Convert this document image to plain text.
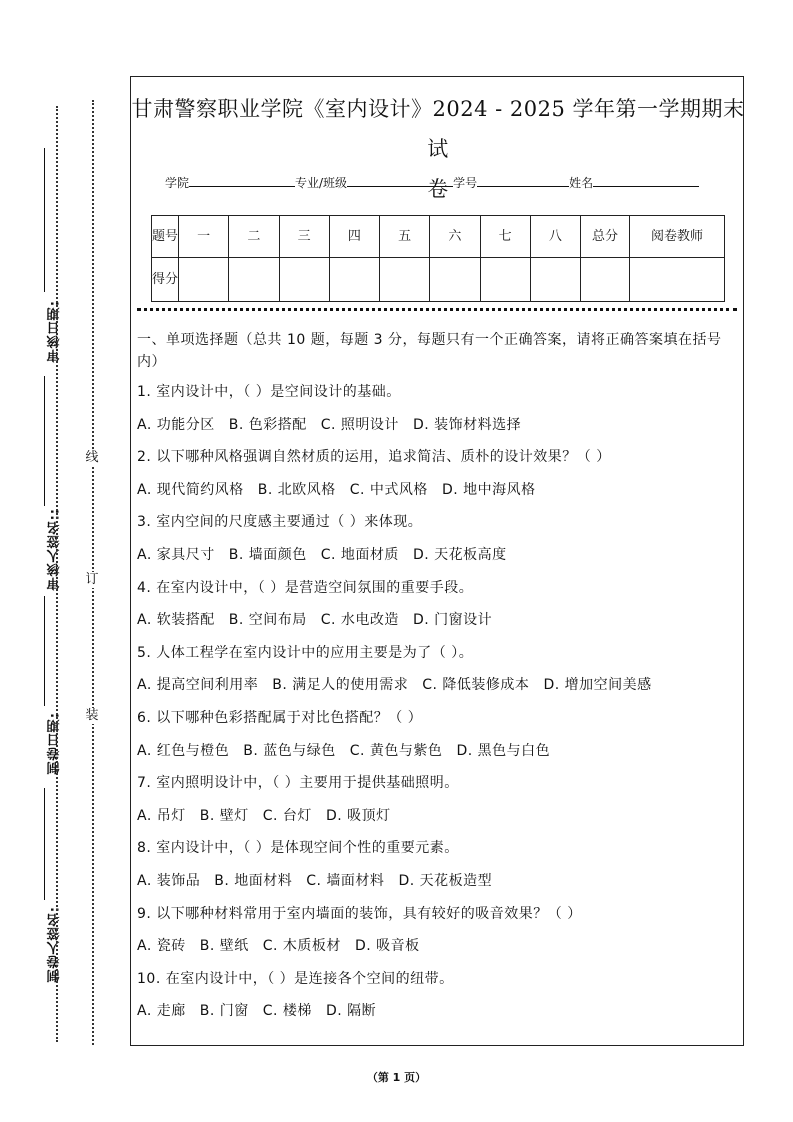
审核日期:
审核人签名::
制卷日期:
制卷人签名:
线
订
装
甘肃警察职业学院《室内设计》2024 - 2025 学年第一学期期末试
卷
学院	专业/班级	学号	姓名
题号	一	二	三	四	五	六	七	八	总分	阅卷教师
得分										
一、单项选择题（总共 10 题，每题 3 分，每题只有一个正确答案，请将正确答案填在括号内）
1. 室内设计中，（ ）是空间设计的基础。
A. 功能分区 B. 色彩搭配 C. 照明设计 D. 装饰材料选择
2. 以下哪种风格强调自然材质的运用，追求简洁、质朴的设计效果？（ ）
A. 现代简约风格 B. 北欧风格 C. 中式风格 D. 地中海风格
3. 室内空间的尺度感主要通过（ ）来体现。
A. 家具尺寸 B. 墙面颜色 C. 地面材质 D. 天花板高度
4. 在室内设计中，（ ）是营造空间氛围的重要手段。
A. 软装搭配 B. 空间布局 C. 水电改造 D. 门窗设计
5. 人体工程学在室内设计中的应用主要是为了（ ）。
A. 提高空间利用率 B. 满足人的使用需求 C. 降低装修成本 D. 增加空间美感
6. 以下哪种色彩搭配属于对比色搭配？（ ）
A. 红色与橙色 B. 蓝色与绿色 C. 黄色与紫色 D. 黑色与白色
7. 室内照明设计中，（ ）主要用于提供基础照明。
A. 吊灯 B. 壁灯 C. 台灯 D. 吸顶灯
8. 室内设计中，（ ）是体现空间个性的重要元素。
A. 装饰品 B. 地面材料 C. 墙面材料 D. 天花板造型
9. 以下哪种材料常用于室内墙面的装饰，具有较好的吸音效果？（ ）
A. 瓷砖 B. 壁纸 C. 木质板材 D. 吸音板
10. 在室内设计中，（ ）是连接各个空间的纽带。
A. 走廊 B. 门窗 C. 楼梯 D. 隔断
（第 1 页）
